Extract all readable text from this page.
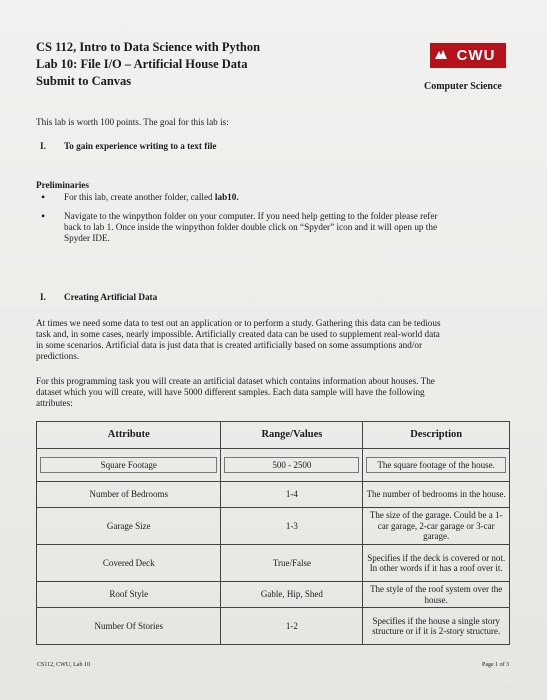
CS 112, Intro to Data Science with Python
Lab 10: File I/O – Artificial House Data
Submit to Canvas
CWU
Computer Science
This lab is worth 100 points. The goal for this lab is:
I. To gain experience writing to a text file
Preliminaries
• For this lab, create another folder, called lab10.
• Navigate to the winpython folder on your computer. If you need help getting to the folder please refer
back to lab 1. Once inside the winpython folder double click on “Spyder” icon and it will open up the
Spyder IDE.
I. Creating Artificial Data
At times we need some data to test out an application or to perform a study. Gathering this data can be tedious
task and, in some cases, nearly impossible. Artificially created data can be used to supplement real-world data
in some scenarios. Artificial data is just data that is created artificially based on some assumptions and/or
predictions.
For this programming task you will create an artificial dataset which contains information about houses. The
dataset which you will create, will have 5000 different samples. Each data sample will have the following
attributes:
Attribute	Range/Values	Description
Square Footage	500 - 2500	The square footage of the house.
Number of Bedrooms	1-4	The number of bedrooms in the house.
Garage Size	1-3	The size of the garage. Could be a 1-car garage, 2-car garage or 3-car garage.
Covered Deck	True/False	Specifies if the deck is covered or not. In other words if it has a roof over it.
Roof Style	Gable, Hip, Shed	The style of the roof system over the house.
Number Of Stories	1-2	Specifies if the house a single story structure or if it is 2-story structure.
CS112, CWU, Lab 10	Page 1 of 3
